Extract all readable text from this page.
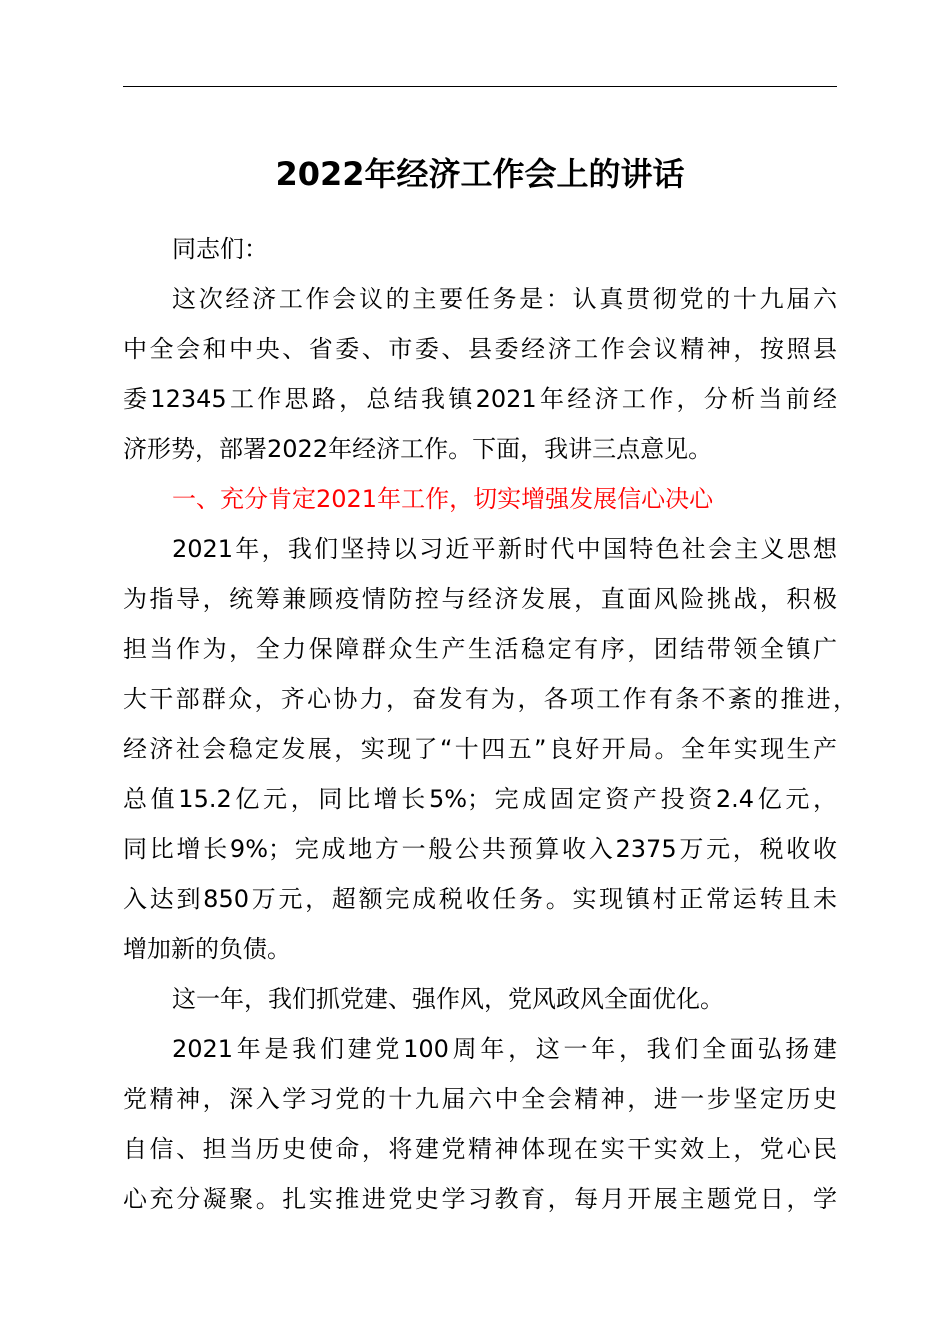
2022年经济工作会上的讲话
同志们：
这次经济工作会议的主要任务是：认真贯彻党的十九届六
中全会和中央、省委、市委、县委经济工作会议精神，按照县
委12345工作思路，总结我镇2021年经济工作，分析当前经
济形势，部署2022年经济工作。下面，我讲三点意见。
一、充分肯定2021年工作，切实增强发展信心决心
2021年，我们坚持以习近平新时代中国特色社会主义思想
为指导，统筹兼顾疫情防控与经济发展，直面风险挑战，积极
担当作为，全力保障群众生产生活稳定有序，团结带领全镇广
大干部群众，齐心协力，奋发有为，各项工作有条不紊的推进，
经济社会稳定发展，实现了“十四五”良好开局。全年实现生产
总值15.2亿元，同比增长5%；完成固定资产投资2.4亿元，
同比增长9%；完成地方一般公共预算收入2375万元，税收收
入达到850万元，超额完成税收任务。实现镇村正常运转且未
增加新的负债。
这一年，我们抓党建、强作风，党风政风全面优化。
2021年是我们建党100周年，这一年，我们全面弘扬建
党精神，深入学习党的十九届六中全会精神，进一步坚定历史
自信、担当历史使命，将建党精神体现在实干实效上，党心民
心充分凝聚。扎实推进党史学习教育，每月开展主题党日，学
